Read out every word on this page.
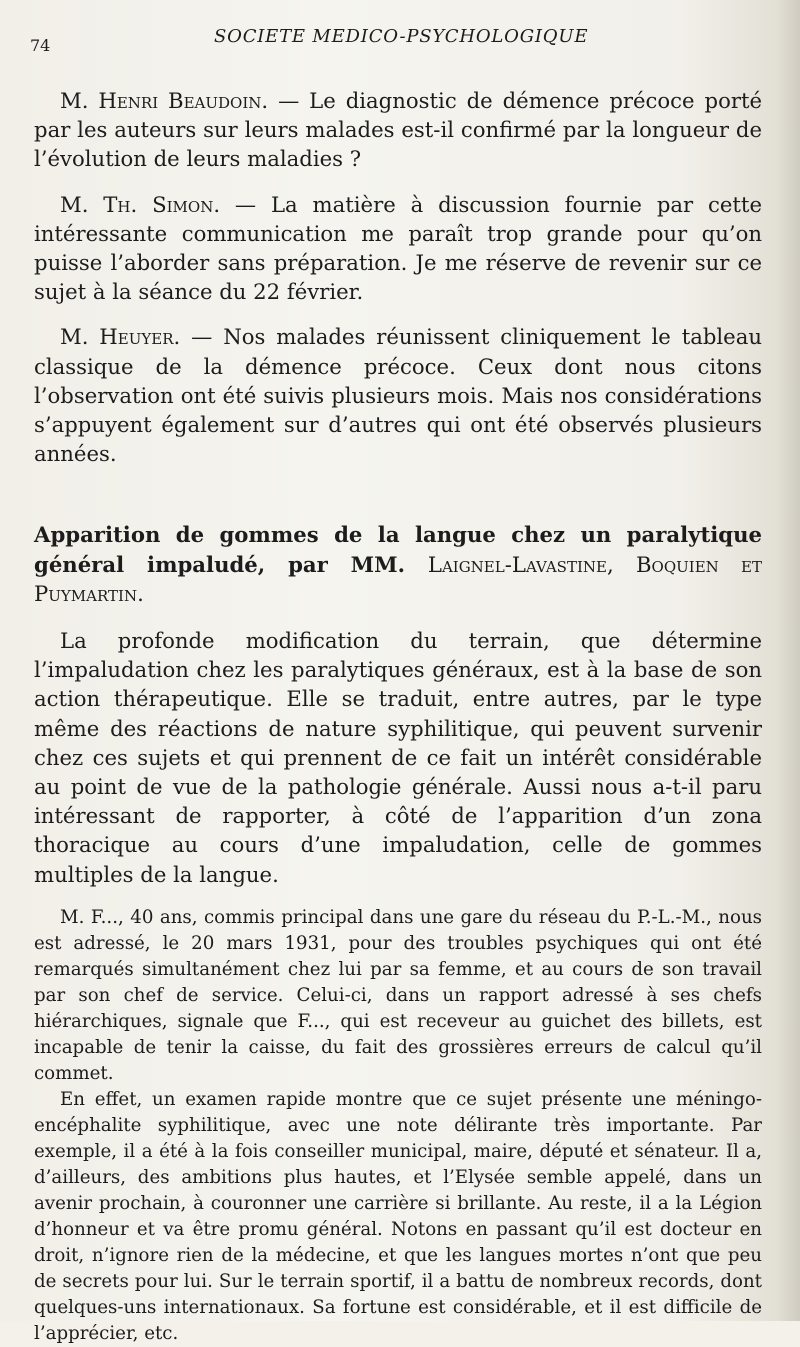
74	SOCIETE MEDICO-PSYCHOLOGIQUE

M. Henri Beaudoin. — Le diagnostic de démence précoce porté par les auteurs sur leurs malades est-il confirmé par la longueur de l’évolution de leurs maladies ?

M. Th. Simon. — La matière à discussion fournie par cette intéressante communication me paraît trop grande pour qu’on puisse l’aborder sans préparation. Je me réserve de revenir sur ce sujet à la séance du 22 février.

M. Heuyer. — Nos malades réunissent cliniquement le tableau classique de la démence précoce. Ceux dont nous citons l’observation ont été suivis plusieurs mois. Mais nos considérations s’appuyent également sur d’autres qui ont été observés plusieurs années.

Apparition de gommes de la langue chez un paralytique général impaludé, par MM. Laignel-Lavastine, Boquien et Puymartin.

La profonde modification du terrain, que détermine l’impaludation chez les paralytiques généraux, est à la base de son action thérapeutique. Elle se traduit, entre autres, par le type même des réactions de nature syphilitique, qui peuvent survenir chez ces sujets et qui prennent de ce fait un intérêt considérable au point de vue de la pathologie générale. Aussi nous a-t-il paru intéressant de rapporter, à côté de l’apparition d’un zona thoracique au cours d’une impaludation, celle de gommes multiples de la langue.

M. F..., 40 ans, commis principal dans une gare du réseau du P.-L.-M., nous est adressé, le 20 mars 1931, pour des troubles psychiques qui ont été remarqués simultanément chez lui par sa femme, et au cours de son travail par son chef de service. Celui-ci, dans un rapport adressé à ses chefs hiérarchiques, signale que F..., qui est receveur au guichet des billets, est incapable de tenir la caisse, du fait des grossières erreurs de calcul qu’il commet.

En effet, un examen rapide montre que ce sujet présente une méningo-encéphalite syphilitique, avec une note délirante très importante. Par exemple, il a été à la fois conseiller municipal, maire, député et sénateur. Il a, d’ailleurs, des ambitions plus hautes, et l’Elysée semble appelé, dans un avenir prochain, à couronner une carrière si brillante. Au reste, il a la Légion d’honneur et va être promu général. Notons en passant qu’il est docteur en droit, n’ignore rien de la médecine, et que les langues mortes n’ont que peu de secrets pour lui. Sur le terrain sportif, il a battu de nombreux records, dont quelques-uns internationaux. Sa fortune est considérable, et il est difficile de l’apprécier, etc.
